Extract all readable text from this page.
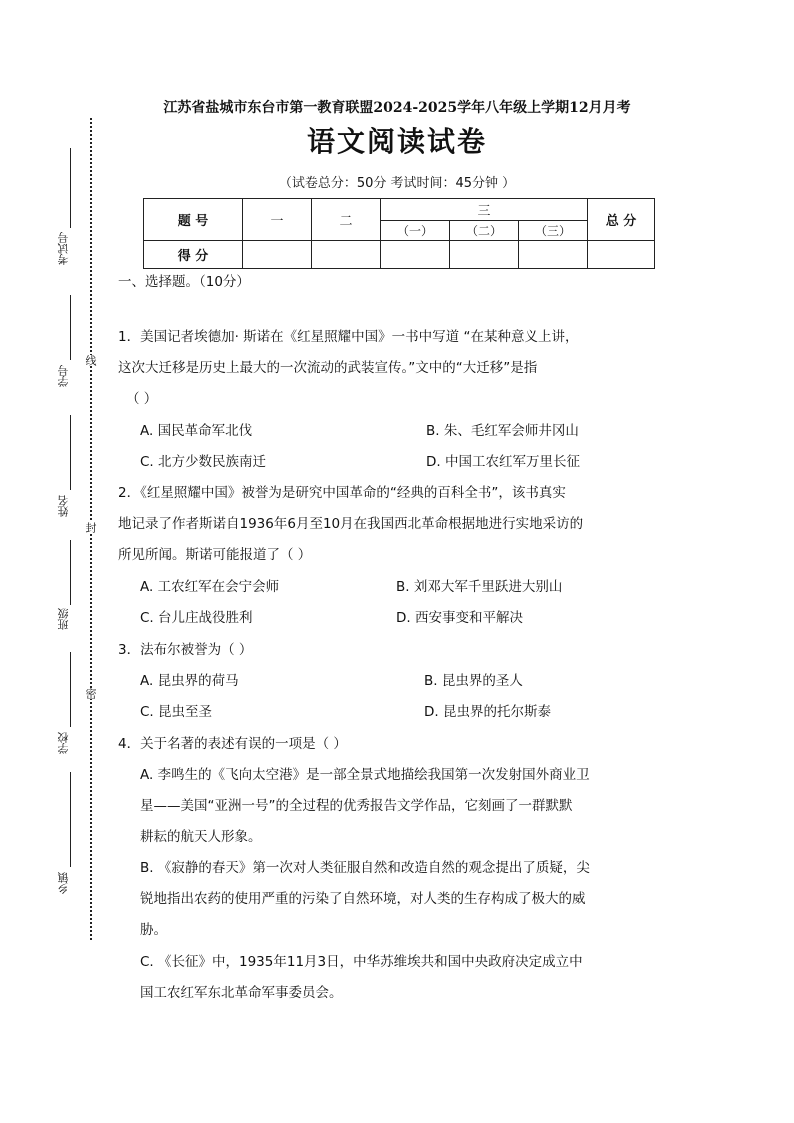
考试号
学号
姓名
班级
学校
乡镇
线
封
密
江苏省盐城市东台市第一教育联盟2024-2025学年八年级上学期12月月考
语文阅读试卷
（试卷总分：50分 考试时间：45分钟 ）
题 号	一	二	三			总 分
			（一）	（二）	（三）	
得 分						
一、选择题。（10分）
1．美国记者埃德加· 斯诺在《红星照耀中国》一书中写道 “在某种意义上讲，
这次大迁移是历史上最大的一次流动的武装宣传。”文中的“大迁移”是指
（ ）
A. 国民革命军北伐	B. 朱、毛红军会师井冈山
C. 北方少数民族南迁	D. 中国工农红军万里长征
2．《红星照耀中国》被誉为是研究中国革命的“经典的百科全书”，该书真实
地记录了作者斯诺自1936年6月至10月在我国西北革命根据地进行实地采访的
所见所闻。斯诺可能报道了（ ）
A. 工农红军在会宁会师	B. 刘邓大军千里跃进大别山
C. 台儿庄战役胜利	D. 西安事变和平解决
3．法布尔被誉为（ ）
A. 昆虫界的荷马	B. 昆虫界的圣人
C. 昆虫至圣	D. 昆虫界的托尔斯泰
4．关于名著的表述有误的一项是（ ）
A. 李鸣生的《飞向太空港》是一部全景式地描绘我国第一次发射国外商业卫
星——美国“亚洲一号”的全过程的优秀报告文学作品，它刻画了一群默默
耕耘的航天人形象。
B. 《寂静的春天》第一次对人类征服自然和改造自然的观念提出了质疑，尖
锐地指出农药的使用严重的污染了自然环境，对人类的生存构成了极大的威
胁。
C. 《长征》中，1935年11月3日，中华苏维埃共和国中央政府决定成立中
国工农红军东北革命军事委员会。
